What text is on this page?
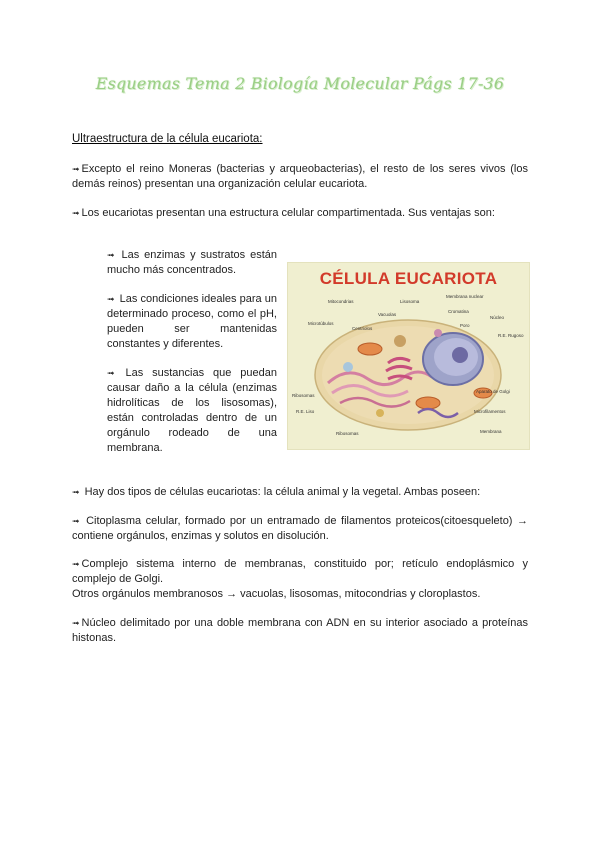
Esquemas Tema 2 Biología Molecular Págs 17-36
Ultraestructura de la célula eucariota:
➟ Excepto el reino Moneras (bacterias y arqueobacterias), el resto de los seres vivos (los demás reinos) presentan una organización celular eucariota.
➟ Los eucariotas presentan una estructura celular compartimentada. Sus ventajas son:

➟ Las enzimas y sustratos están mucho más concentrados.

➟ Las condiciones ideales para un determinado proceso, como el pH, pueden ser mantenidas constantes y diferentes.

➟ Las sustancias que puedan causar daño a la célula (enzimas hidrolíticas de los lisosomas), están controladas dentro de un orgánulo rodeado de una membrana.

CÉLULA EUCARIOTA
Mitocondrias	Lisosoma
Membrana nuclear
Microtúbulos
Vacuolas
Centriolos
Cromatina
Poro
Núcleo
R.E. Rugoso
Ribosomas
R.E. Liso
Aparato de Golgi
Microfilamentos
Membrana
Ribosomas
➟ Hay dos tipos de células eucariotas: la célula animal y la vegetal. Ambas poseen:
➟ Citoplasma celular, formado por un entramado de filamentos proteicos(citoesqueleto) → contiene orgánulos, enzimas y solutos en disolución.
➟ Complejo sistema interno de membranas, constituido por; retículo endoplásmico y complejo de Golgi.
Otros orgánulos membranosos → vacuolas, lisosomas, mitocondrias y cloroplastos.
➟ Núcleo delimitado por una doble membrana con ADN en su interior asociado a proteínas histonas.
